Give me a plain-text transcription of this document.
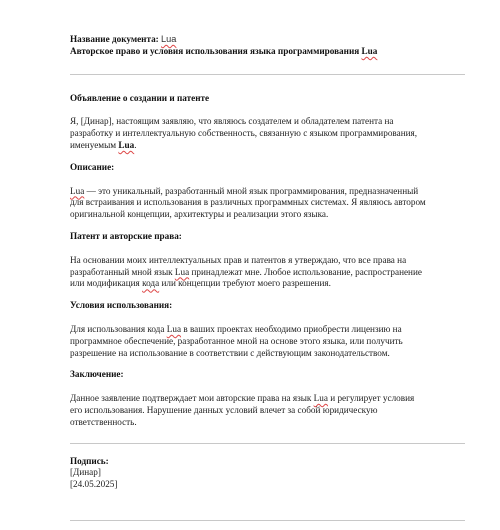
Название документа: Lua

Авторское право и условия использования языка программирования Lua

Объявление о создании и патенте

Я, [Динар], настоящим заявляю, что являюсь создателем и обладателем патента на
разработку и интеллектуальную собственность, связанную с языком программирования,
именуемым Lua.

Описание:

Lua — это уникальный, разработанный мной язык программирования, предназначенный
для встраивания и использования в различных программных системах. Я являюсь автором
оригинальной концепции, архитектуры и реализации этого языка.

Патент и авторские права:

На основании моих интеллектуальных прав и патентов я утверждаю, что все права на
разработанный мной язык Lua принадлежат мне. Любое использование, распространение
или модификация кода или концепции требуют моего разрешения.

Условия использования:

Для использования кода Lua в ваших проектах необходимо приобрести лицензию на
программное обеспечение, разработанное мной на основе этого языка, или получить
разрешение на использование в соответствии с действующим законодательством.

Заключение:

Данное заявление подтверждает мои авторские права на язык Lua и регулирует условия
его использования. Нарушение данных условий влечет за собой юридическую
ответственность.

Подпись:

[Динар]

[24.05.2025]
